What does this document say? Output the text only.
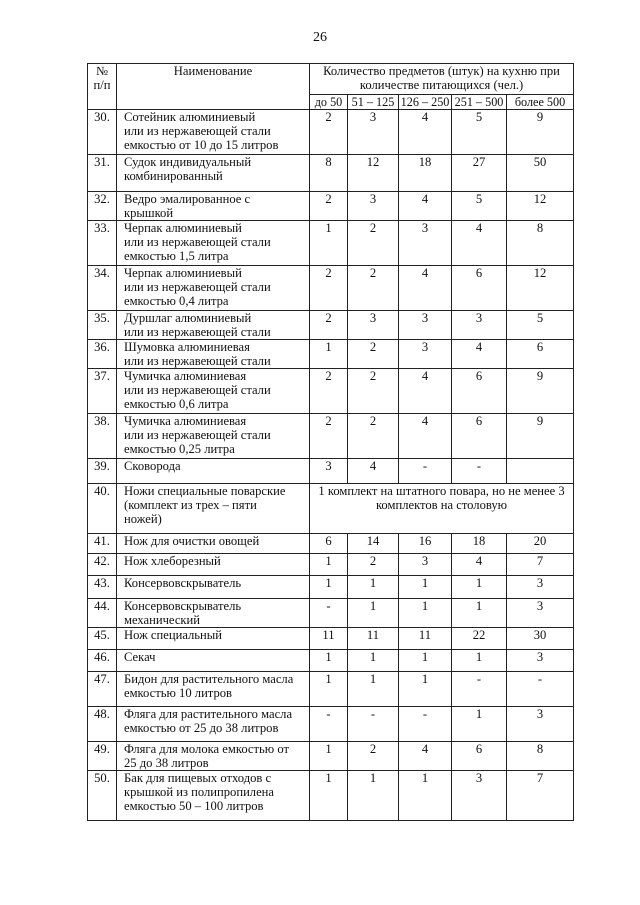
26
№
п/п	Наименование	Количество предметов (штук) на кухню при количестве питающихся (чел.)				
		до 50	51 – 125	126 – 250	251 – 500	более 500
30.	Сотейник алюминиевый
или из нержавеющей стали
емкостью от 10 до 15 литров	2	3	4	5	9
31.	Судок индивидуальный
комбинированный	8	12	18	27	50
32.	Ведро эмалированное с
крышкой	2	3	4	5	12
33.	Черпак алюминиевый
или из нержавеющей стали
емкостью 1,5 литра	1	2	3	4	8
34.	Черпак алюминиевый
или из нержавеющей стали
емкостью 0,4 литра	2	2	4	6	12
35.	Дуршлаг алюминиевый
или из нержавеющей стали	2	3	3	3	5
36.	Шумовка алюминиевая
или из нержавеющей стали	1	2	3	4	6
37.	Чумичка алюминиевая
или из нержавеющей стали
емкостью 0,6 литра	2	2	4	6	9
38.	Чумичка алюминиевая
или из нержавеющей стали
емкостью 0,25 литра	2	2	4	6	9
39.	Сковорода	3	4	-	-	
40.	Ножи специальные поварские
(комплект из трех – пяти
ножей)	1 комплект на штатного повара, но не менее 3 комплектов на столовую				
41.	Нож для очистки овощей	6	14	16	18	20
42.	Нож хлеборезный	1	2	3	4	7
43.	Консервовскрыватель	1	1	1	1	3
44.	Консервовскрыватель
механический	-	1	1	1	3
45.	Нож специальный	11	11	11	22	30
46.	Секач	1	1	1	1	3
47.	Бидон для растительного масла
емкостью 10 литров	1	1	1	-	-
48.	Фляга для растительного масла
емкостью от 25 до 38 литров	-	-	-	1	3
49.	Фляга для молока емкостью от
25 до 38 литров	1	2	4	6	8
50.	Бак для пищевых отходов с
крышкой из полипропилена
емкостью 50 – 100 литров	1	1	1	3	7
